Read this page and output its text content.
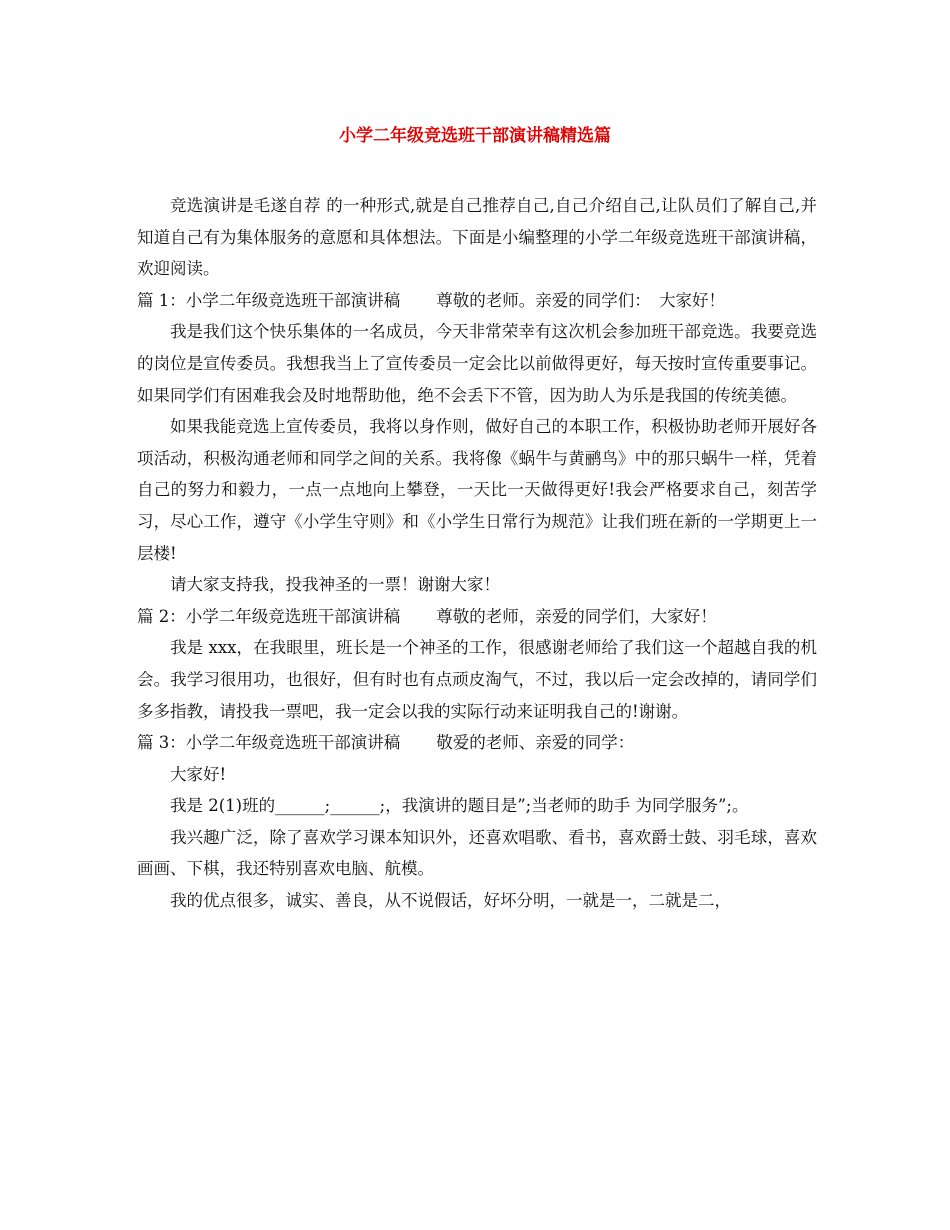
小学二年级竞选班干部演讲稿精选篇

竞选演讲是毛遂自荐 的一种形式,就是自己推荐自己,自己介绍自己,让队员们了解自己,并知道自己有为集体服务的意愿和具体想法。下面是小编整理的小学二年级竞选班干部演讲稿，欢迎阅读。

篇 1：小学二年级竞选班干部演讲稿 尊敬的老师。亲爱的同学们：　大家好！

我是我们这个快乐集体的一名成员，今天非常荣幸有这次机会参加班干部竞选。我要竞选的岗位是宣传委员。我想我当上了宣传委员一定会比以前做得更好，每天按时宣传重要事记。如果同学们有困难我会及时地帮助他，绝不会丢下不管，因为助人为乐是我国的传统美德。

如果我能竞选上宣传委员，我将以身作则，做好自己的本职工作，积极协助老师开展好各项活动，积极沟通老师和同学之间的关系。我将像《蜗牛与黄鹂鸟》中的那只蜗牛一样，凭着自己的努力和毅力，一点一点地向上攀登，一天比一天做得更好!我会严格要求自己，刻苦学习，尽心工作，遵守《小学生守则》和《小学生日常行为规范》让我们班在新的一学期更上一层楼!

请大家支持我，投我神圣的一票！谢谢大家！

篇 2：小学二年级竞选班干部演讲稿 尊敬的老师，亲爱的同学们，大家好！

我是 xxx，在我眼里，班长是一个神圣的工作，很感谢老师给了我们这一个超越自我的机会。我学习很用功，也很好，但有时也有点顽皮淘气，不过，我以后一定会改掉的，请同学们多多指教，请投我一票吧，我一定会以我的实际行动来证明我自己的!谢谢。

篇 3：小学二年级竞选班干部演讲稿 敬爱的老师、亲爱的同学：

大家好!

我是 2(1)班的______;______;，我演讲的题目是”;当老师的助手 为同学服务”;。

我兴趣广泛，除了喜欢学习课本知识外，还喜欢唱歌、看书，喜欢爵士鼓、羽毛球，喜欢画画、下棋，我还特别喜欢电脑、航模。

我的优点很多，诚实、善良，从不说假话，好坏分明，一就是一，二就是二，
